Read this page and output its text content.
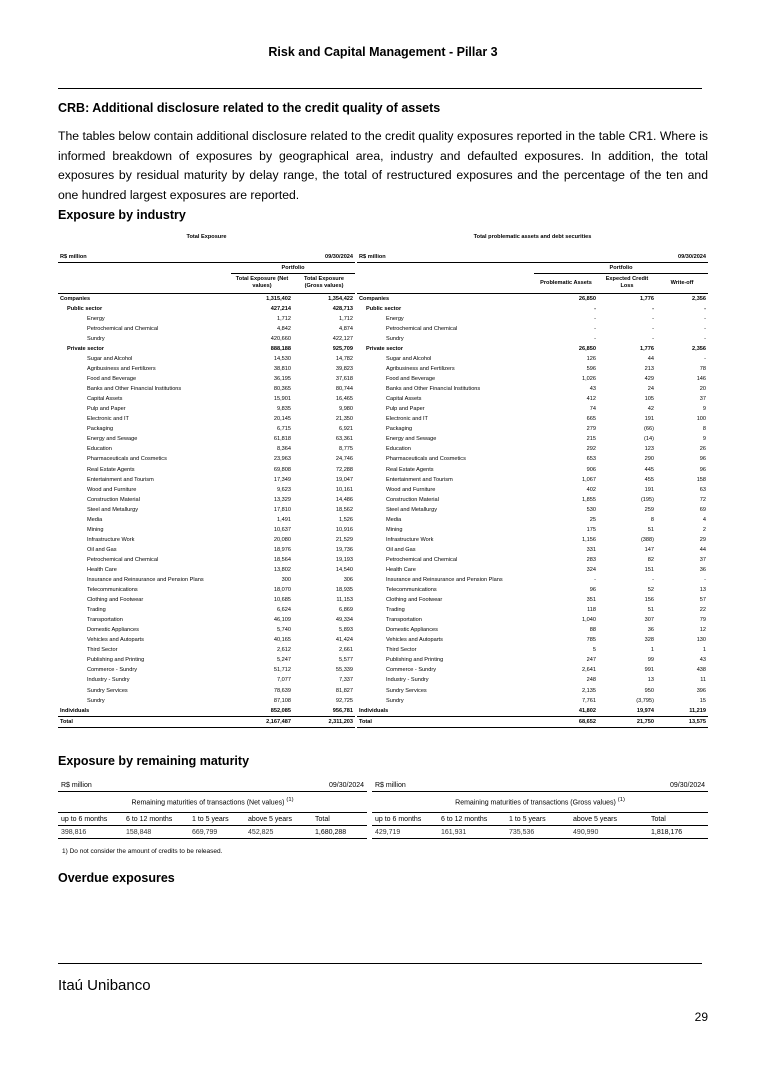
Risk and Capital Management - Pillar 3
CRB: Additional disclosure related to the credit quality of assets
The tables below contain additional disclosure related to the credit quality exposures reported in the table CR1. Where is informed breakdown of exposures by geographical area, industry and defaulted exposures. In addition, the total exposures by residual maturity by delay range, the total of restructured exposures and the percentage of the ten and one hundred largest exposures are reported.
Exposure by industry
Total Exposure		

R$ million		09/30/2024
	Portfolio	
	Total Exposure (Net values)	Total Exposure (Gross values)
Companies	1,315,402	1,354,422
Public sector	427,214	428,713
Energy	1,712	1,712
Petrochemical and Chemical	4,842	4,874
Sundry	420,660	422,127
Private sector	888,188	925,709
Sugar and Alcohol	14,530	14,782
Agribusiness and Fertilizers	38,810	39,823
Food and Beverage	36,195	37,618
Banks and Other Financial Institutions	80,365	80,744
Capital Assets	15,901	16,465
Pulp and Paper	9,835	9,980
Electronic and IT	20,145	21,350
Packaging	6,715	6,921
Energy and Sewage	61,818	63,361
Education	8,364	8,775
Pharmaceuticals and Cosmetics	23,963	24,746
Real Estate Agents	69,808	72,288
Entertainment and Tourism	17,349	19,047
Wood and Furniture	9,623	10,161
Construction Material	13,329	14,486
Steel and Metallurgy	17,810	18,562
Media	1,491	1,526
Mining	10,637	10,916
Infrastructure Work	20,080	21,529
Oil and Gas	18,976	19,736
Petrochemical and Chemical	18,564	19,193
Health Care	13,802	14,540
Insurance and Reinsurance and Pension Plans	300	306
Telecommunications	18,070	18,935
Clothing and Footwear	10,685	11,153
Trading	6,624	6,869
Transportation	46,109	49,334
Domestic Appliances	5,740	5,893
Vehicles and Autoparts	40,165	41,424
Third Sector	2,612	2,661
Publishing and Printing	5,247	5,577
Commerce - Sundry	51,712	55,339
Industry - Sundry	7,077	7,337
Sundry Services	78,639	81,827
Sundry	87,108	92,725
Individuals	852,085	956,781
Total	2,167,487	2,311,203
Total problematic assets and debt securities			

R$ million			09/30/2024
	Portfolio		
	Problematic Assets	Expected Credit Loss	Write-off
Companies	26,850	1,776	2,356
Public sector	-	-	-
Energy	-	-	-
Petrochemical and Chemical	-	-	-
Sundry	-	-	-
Private sector	26,850	1,776	2,356
Sugar and Alcohol	126	44	-
Agribusiness and Fertilizers	596	213	78
Food and Beverage	1,026	429	146
Banks and Other Financial Institutions	43	24	20
Capital Assets	412	105	37
Pulp and Paper	74	42	9
Electronic and IT	665	191	100
Packaging	279	(66)	8
Energy and Sewage	215	(14)	9
Education	292	123	26
Pharmaceuticals and Cosmetics	653	290	96
Real Estate Agents	906	445	96
Entertainment and Tourism	1,067	455	158
Wood and Furniture	402	191	63
Construction Material	1,855	(195)	72
Steel and Metallurgy	530	259	69
Media	25	8	4
Mining	175	51	2
Infrastructure Work	1,156	(388)	29
Oil and Gas	331	147	44
Petrochemical and Chemical	283	82	37
Health Care	324	151	36
Insurance and Reinsurance and Pension Plans	-	-	-
Telecommunications	96	52	13
Clothing and Footwear	351	156	57
Trading	118	51	22
Transportation	1,040	307	79
Domestic Appliances	88	36	12
Vehicles and Autoparts	785	328	130
Third Sector	5	1	1
Publishing and Printing	247	99	43
Commerce - Sundry	2,641	991	438
Industry - Sundry	248	13	11
Sundry Services	2,135	950	396
Sundry	7,761	(3,795)	15
Individuals	41,802	19,974	11,219
Total	68,652	21,750	13,575
Exposure by remaining maturity
R$ million			09/30/2024	
Remaining maturities of transactions (Net values) $^{(1)}$
up to 6 months	6 to 12 months	1 to 5 years	above 5 years	Total
398,816	158,848	669,799	452,825	1,680,288
R$ million			09/30/2024	
Remaining maturities of transactions (Gross values) $^{(1)}$
up to 6 months	6 to 12 months	1 to 5 years	above 5 years	Total
429,719	161,931	735,536	490,990	1,818,176
1) Do not consider the amount of credits to be released.
Overdue exposures
Itaú Unibanco
29
